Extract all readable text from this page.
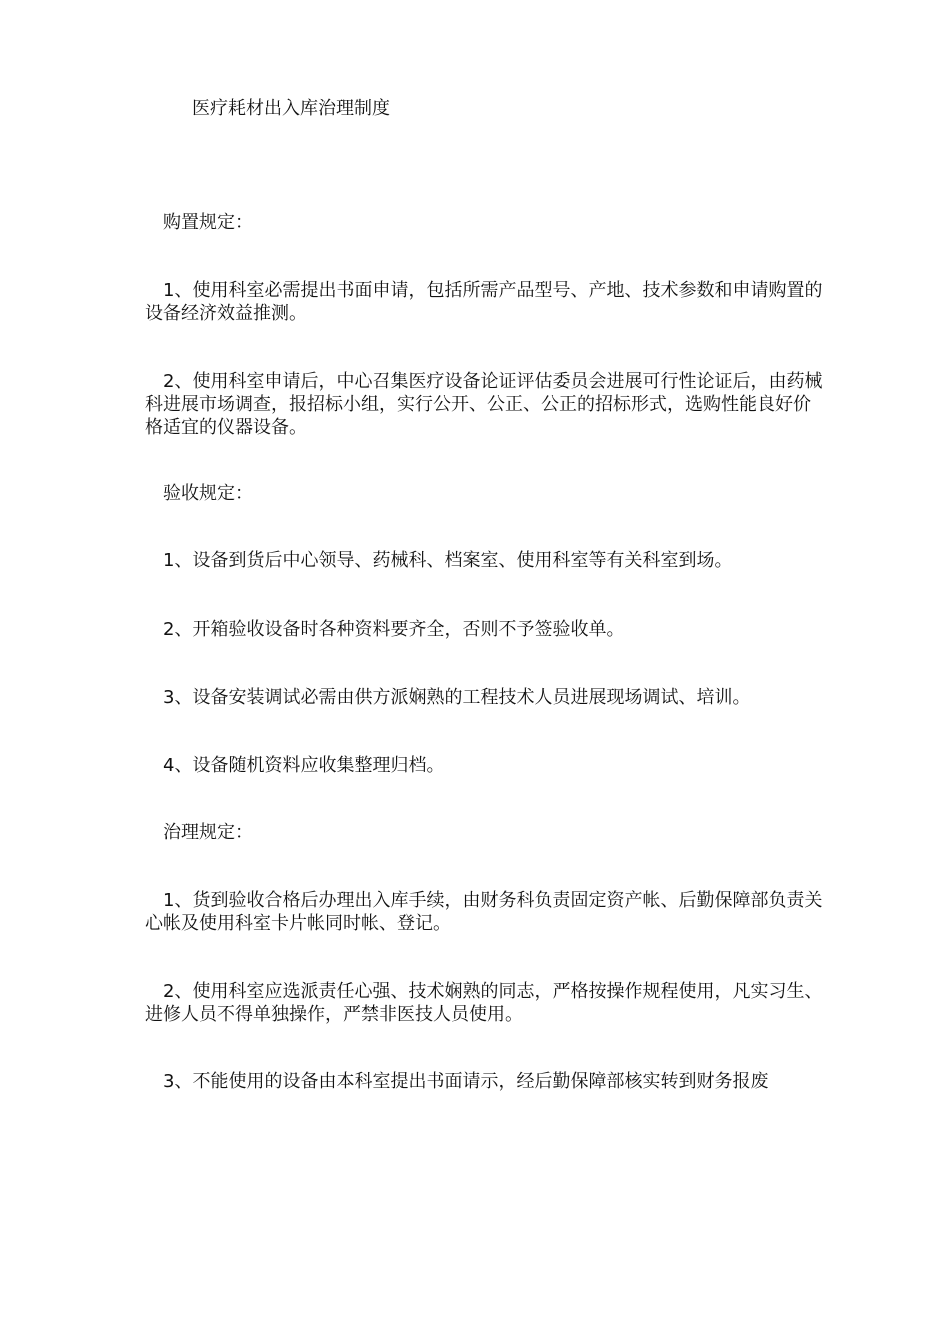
医疗耗材出入库治理制度
购置规定：
1、使用科室必需提出书面申请，包括所需产品型号、产地、技术参数和申请购置的设备经济效益推测。
2、使用科室申请后，中心召集医疗设备论证评估委员会进展可行性论证后，由药械科进展市场调查，报招标小组，实行公开、公正、公正的招标形式，选购性能良好价格适宜的仪器设备。
验收规定：
1、设备到货后中心领导、药械科、档案室、使用科室等有关科室到场。
2、开箱验收设备时各种资料要齐全，否则不予签验收单。
3、设备安装调试必需由供方派娴熟的工程技术人员进展现场调试、培训。
4、设备随机资料应收集整理归档。
治理规定：
1、货到验收合格后办理出入库手续，由财务科负责固定资产帐、后勤保障部负责关心帐及使用科室卡片帐同时帐、登记。
2、使用科室应选派责任心强、技术娴熟的同志，严格按操作规程使用，凡实习生、进修人员不得单独操作，严禁非医技人员使用。
3、不能使用的设备由本科室提出书面请示，经后勤保障部核实转到财务报废
